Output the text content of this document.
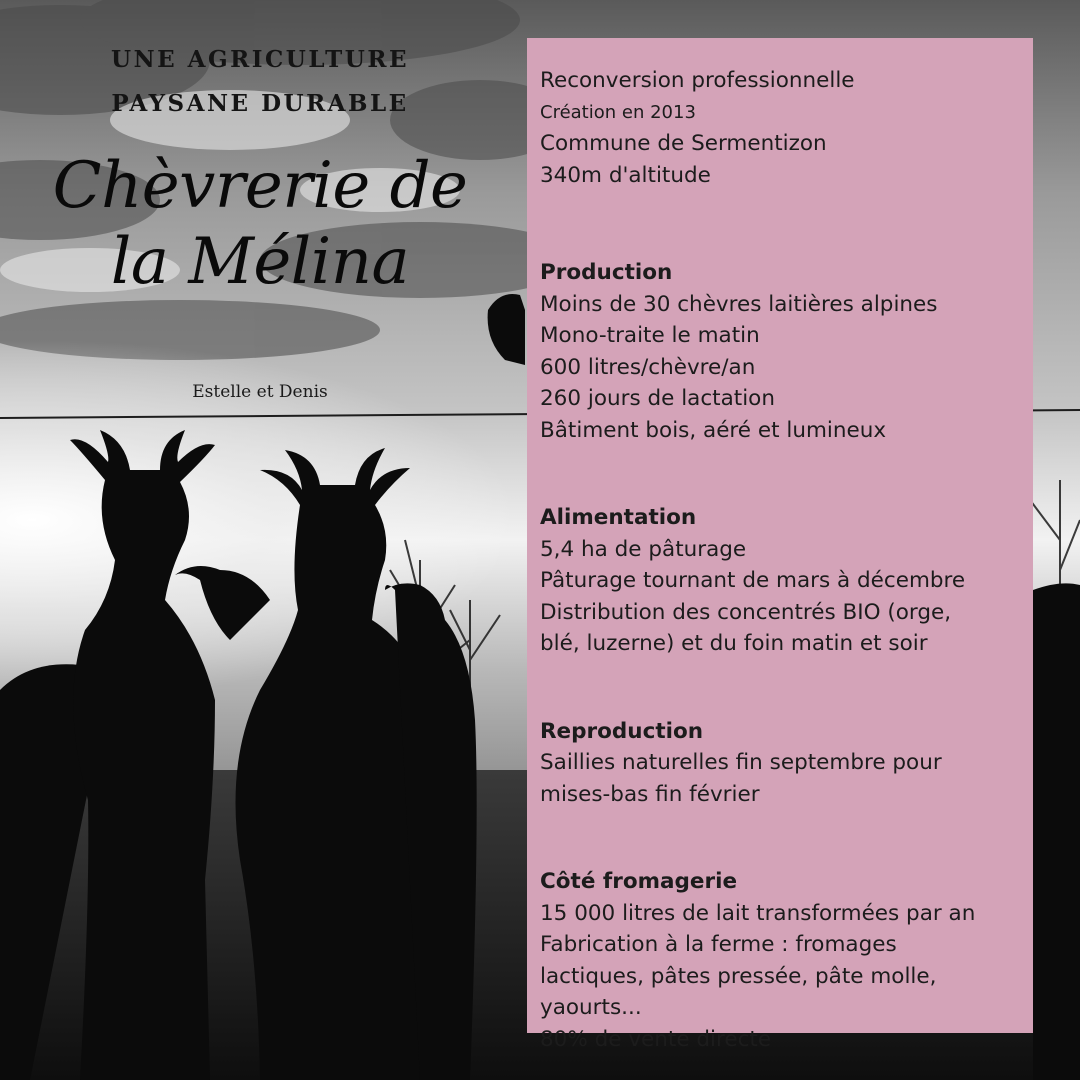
UNE AGRICULTURE
PAYSANE DURABLE
Chèvrerie de
la Mélina
Estelle et Denis
Reconversion professionnelle
Création en 2013
Commune de Sermentizon
340m d'altitude
Production
Moins de 30 chèvres laitières alpines
Mono-traite le matin
600 litres/chèvre/an
260 jours de lactation
Bâtiment bois, aéré et lumineux
Alimentation
5,4 ha de pâturage
Pâturage tournant de mars à décembre
Distribution des concentrés BIO (orge,
blé, luzerne) et du foin matin et soir
Reproduction
Saillies naturelles fin septembre pour
mises-bas fin février
Côté fromagerie
15 000 litres de lait transformées par an
Fabrication à la ferme : fromages
lactiques, pâtes pressée, pâte molle,
yaourts...
80% de vente directe
